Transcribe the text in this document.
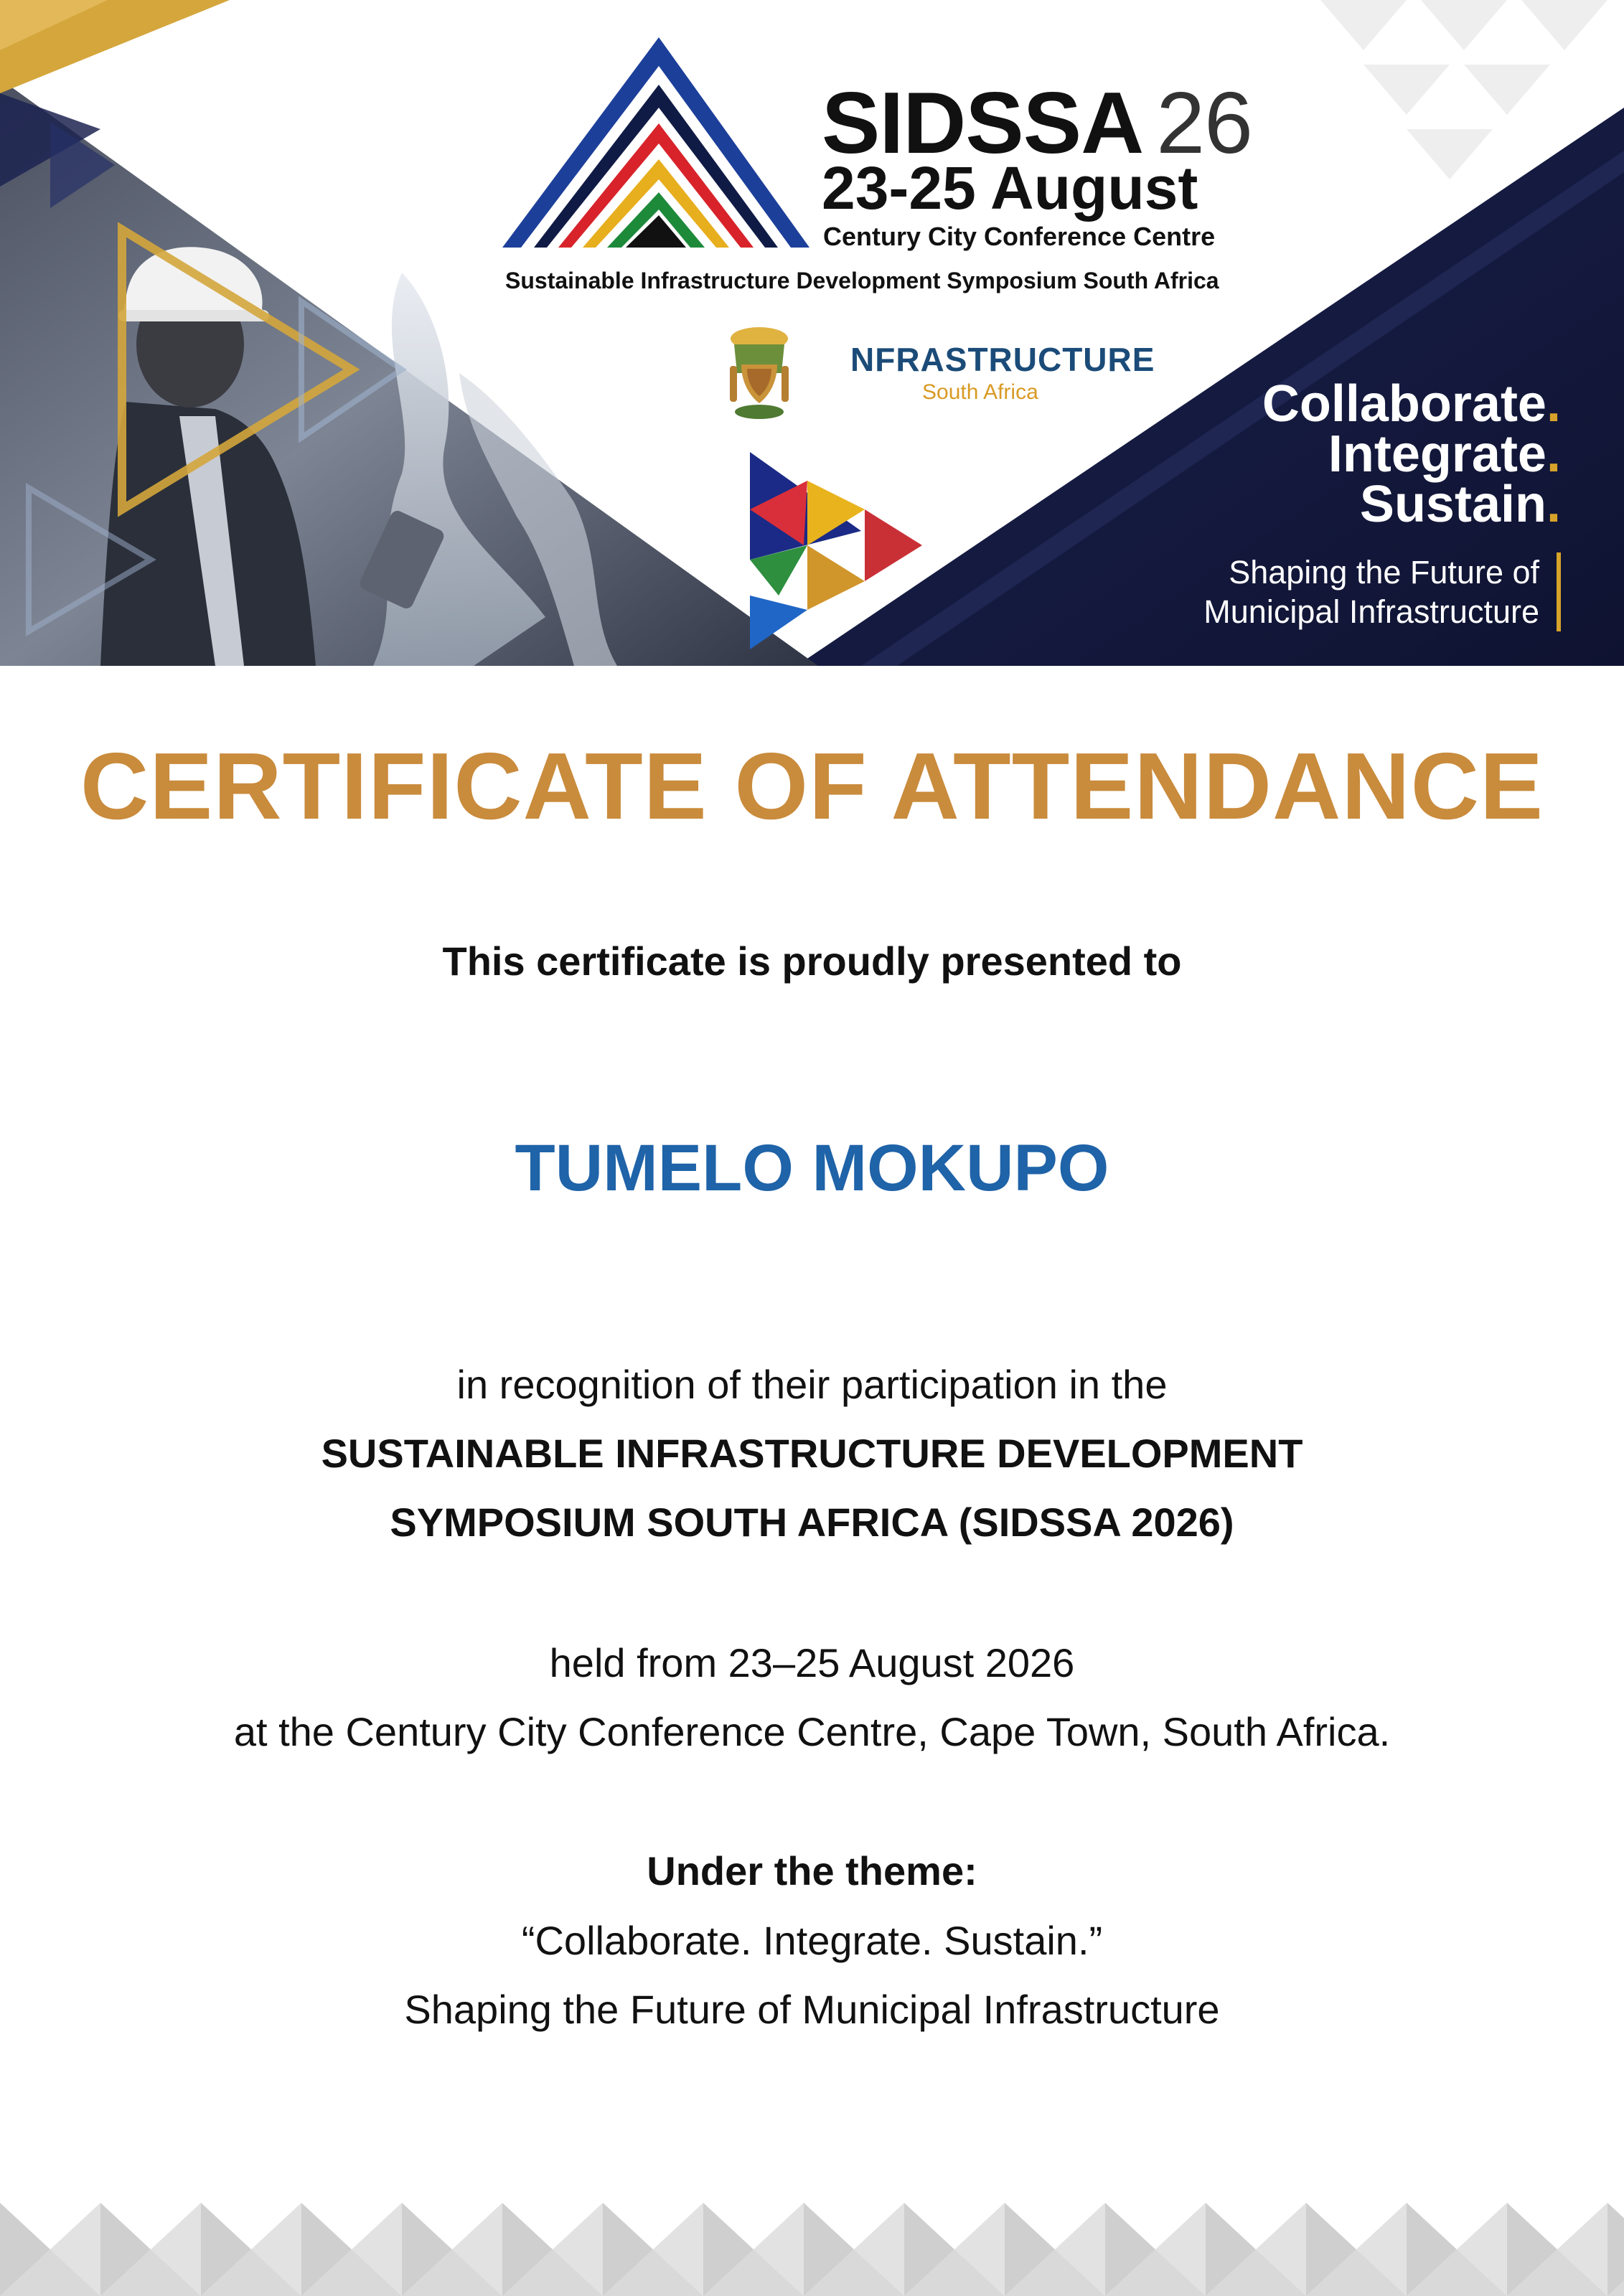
SIDSSA 26
23-25 August
Century City Conference Centre
Sustainable Infrastructure Development Symposium South Africa
NFRASTRUCTURE
South Africa	Collaborate.
Integrate.
Sustain.
Shaping the Future of
Municipal Infrastructure
CERTIFICATE OF ATTENDANCE
This certificate is proudly presented to
TUMELO MOKUPO
in recognition of their participation in the
SUSTAINABLE INFRASTRUCTURE DEVELOPMENT
SYMPOSIUM SOUTH AFRICA (SIDSSA 2026)
held from 23–25 August 2026
at the Century City Conference Centre, Cape Town, South Africa.
Under the theme:
“Collaborate. Integrate. Sustain.”
Shaping the Future of Municipal Infrastructure
